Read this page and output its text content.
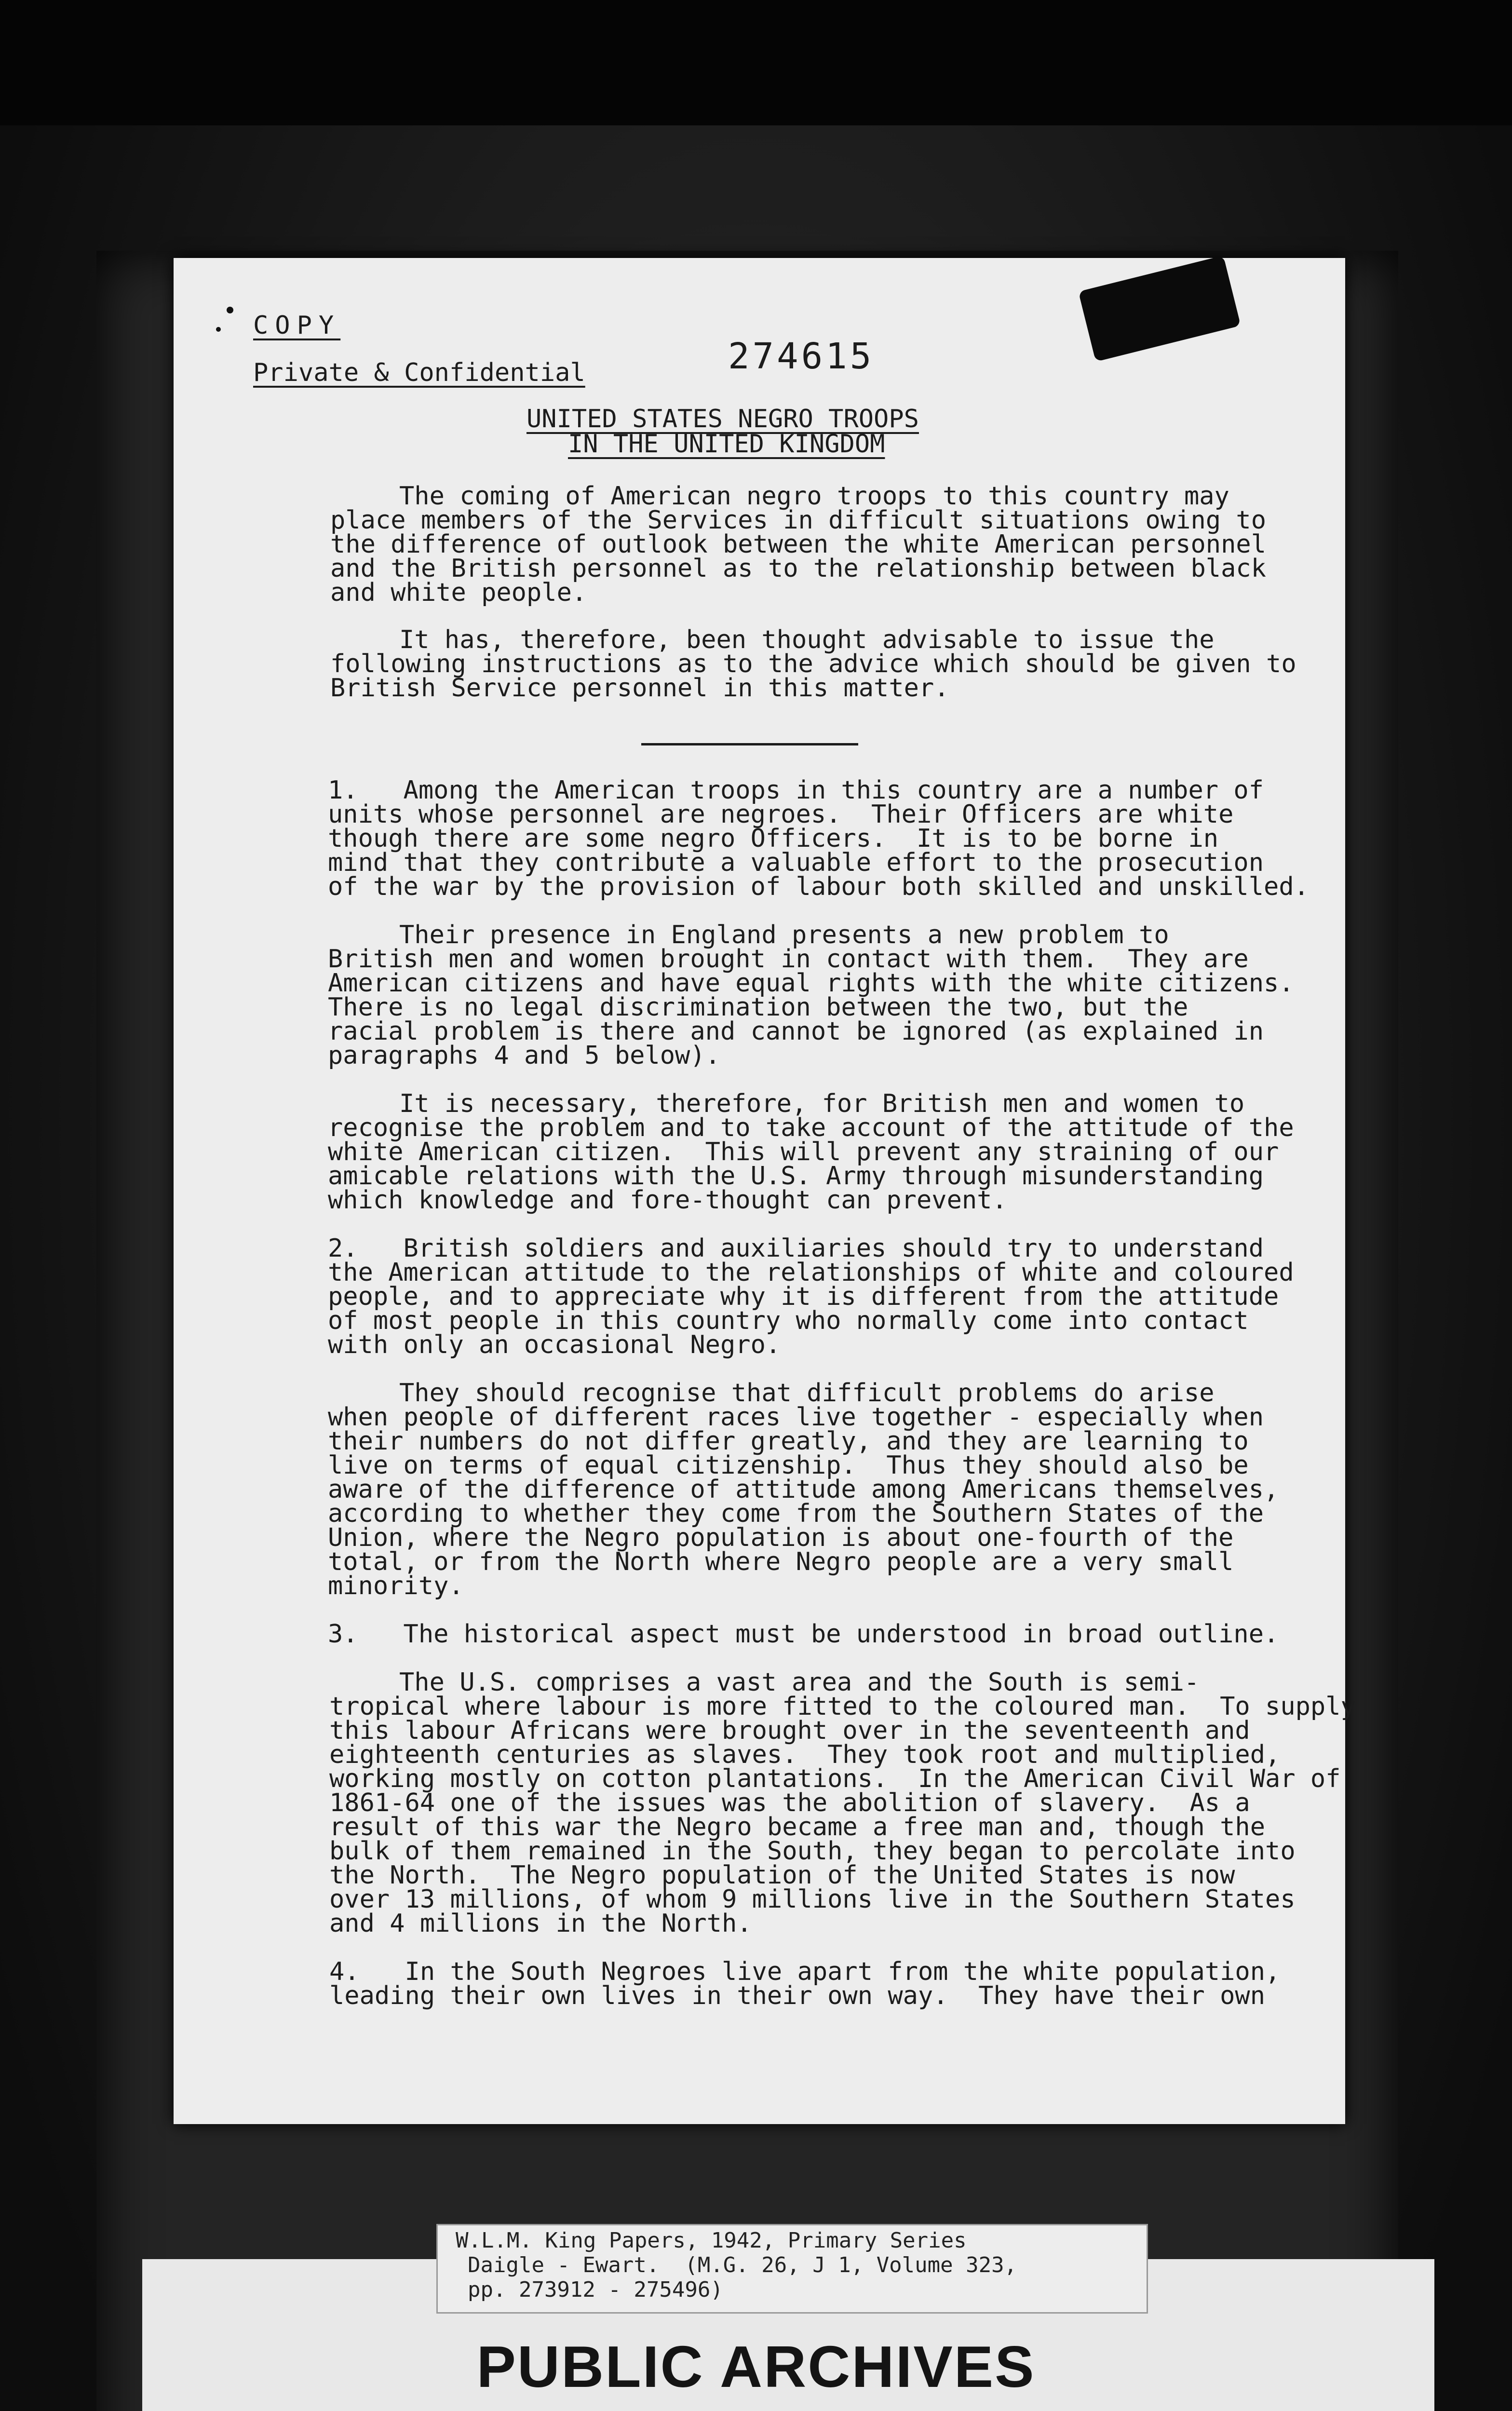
COPY
Private & Confidential	274615
UNITED STATES NEGRO TROOPS
IN THE UNITED KINGDOM
The coming of American negro troops to this country may
place members of the Services in difficult situations owing to
the difference of outlook between the white American personnel
and the British personnel as to the relationship between black
and white people.
It has, therefore, been thought advisable to issue the
following instructions as to the advice which should be given to
British Service personnel in this matter.
1.   Among the American troops in this country are a number of
units whose personnel are negroes.  Their Officers are white
though there are some negro Officers.  It is to be borne in
mind that they contribute a valuable effort to the prosecution
of the war by the provision of labour both skilled and unskilled.
Their presence in England presents a new problem to
British men and women brought in contact with them.  They are
American citizens and have equal rights with the white citizens.
There is no legal discrimination between the two, but the
racial problem is there and cannot be ignored (as explained in
paragraphs 4 and 5 below).
It is necessary, therefore, for British men and women to
recognise the problem and to take account of the attitude of the
white American citizen.  This will prevent any straining of our
amicable relations with the U.S. Army through misunderstanding
which knowledge and fore-thought can prevent.
2.   British soldiers and auxiliaries should try to understand
the American attitude to the relationships of white and coloured
people, and to appreciate why it is different from the attitude
of most people in this country who normally come into contact
with only an occasional Negro.
They should recognise that difficult problems do arise
when people of different races live together - especially when
their numbers do not differ greatly, and they are learning to
live on terms of equal citizenship.  Thus they should also be
aware of the difference of attitude among Americans themselves,
according to whether they come from the Southern States of the
Union, where the Negro population is about one-fourth of the
total, or from the North where Negro people are a very small
minority.
3.   The historical aspect must be understood in broad outline.
The U.S. comprises a vast area and the South is semi-
tropical where labour is more fitted to the coloured man.  To supply
this labour Africans were brought over in the seventeenth and
eighteenth centuries as slaves.  They took root and multiplied,
working mostly on cotton plantations.  In the American Civil War of
1861-64 one of the issues was the abolition of slavery.  As a
result of this war the Negro became a free man and, though the
bulk of them remained in the South, they began to percolate into
the North.  The Negro population of the United States is now
over 13 millions, of whom 9 millions live in the Southern States
and 4 millions in the North.
4.   In the South Negroes live apart from the white population,
leading their own lives in their own way.  They have their own
W.L.M. King Papers, 1942, Primary Series
Daigle - Ewart.  (M.G. 26, J 1, Volume 323,
pp. 273912 - 275496)
PUBLIC ARCHIVES
